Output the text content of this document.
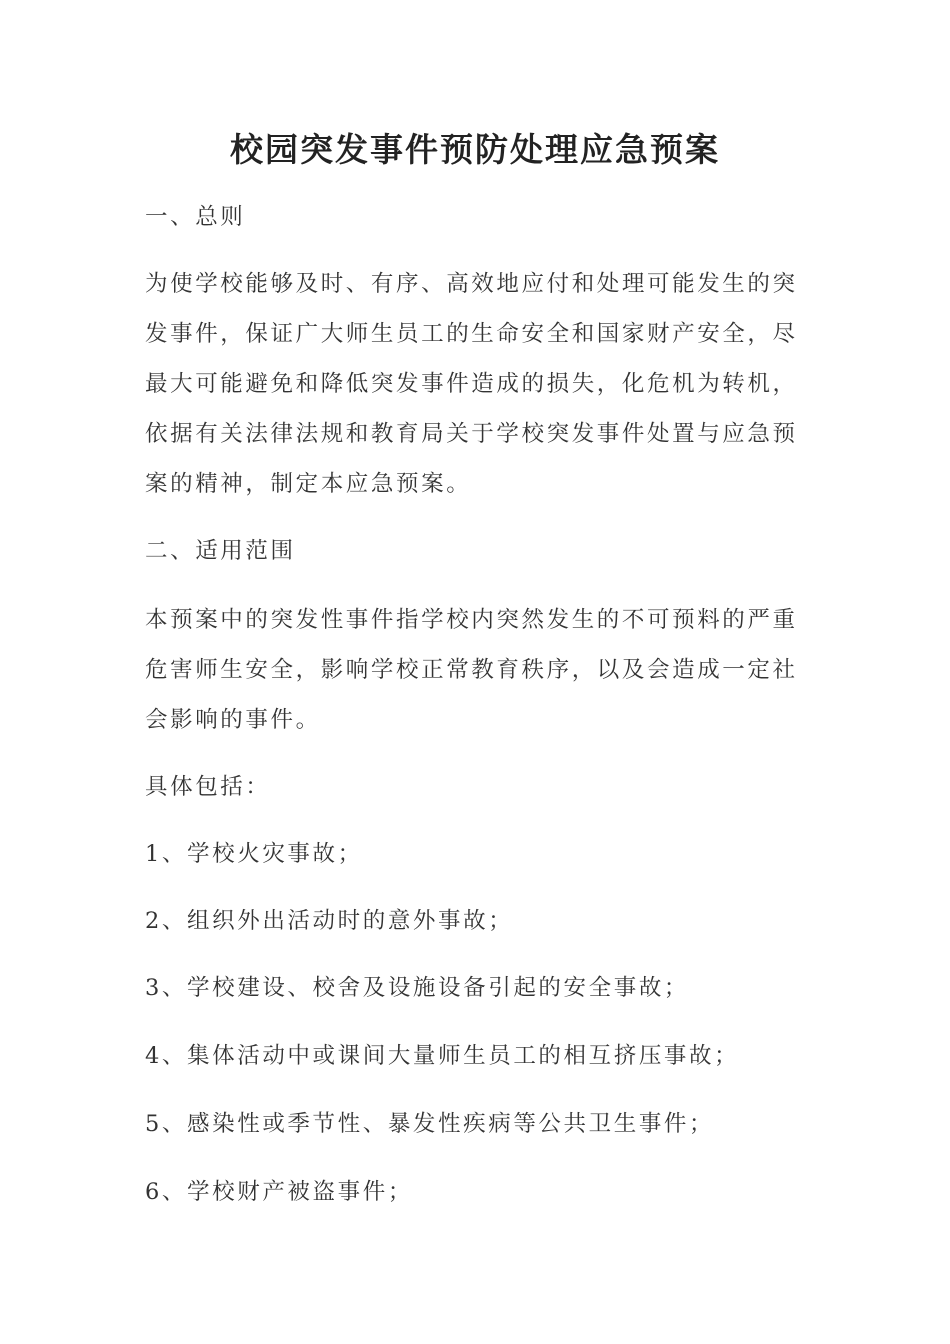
校园突发事件预防处理应急预案

一、总则

为使学校能够及时、有序、高效地应付和处理可能发生的突发事件，保证广大师生员工的生命安全和国家财产安全，尽最大可能避免和降低突发事件造成的损失，化危机为转机，依据有关法律法规和教育局关于学校突发事件处置与应急预案的精神，制定本应急预案。

二、适用范围

本预案中的突发性事件指学校内突然发生的不可预料的严重危害师生安全，影响学校正常教育秩序，以及会造成一定社会影响的事件。

具体包括：

1、学校火灾事故；

2、组织外出活动时的意外事故；

3、学校建设、校舍及设施设备引起的安全事故；

4、集体活动中或课间大量师生员工的相互挤压事故；

5、感染性或季节性、暴发性疾病等公共卫生事件；

6、学校财产被盗事件；
